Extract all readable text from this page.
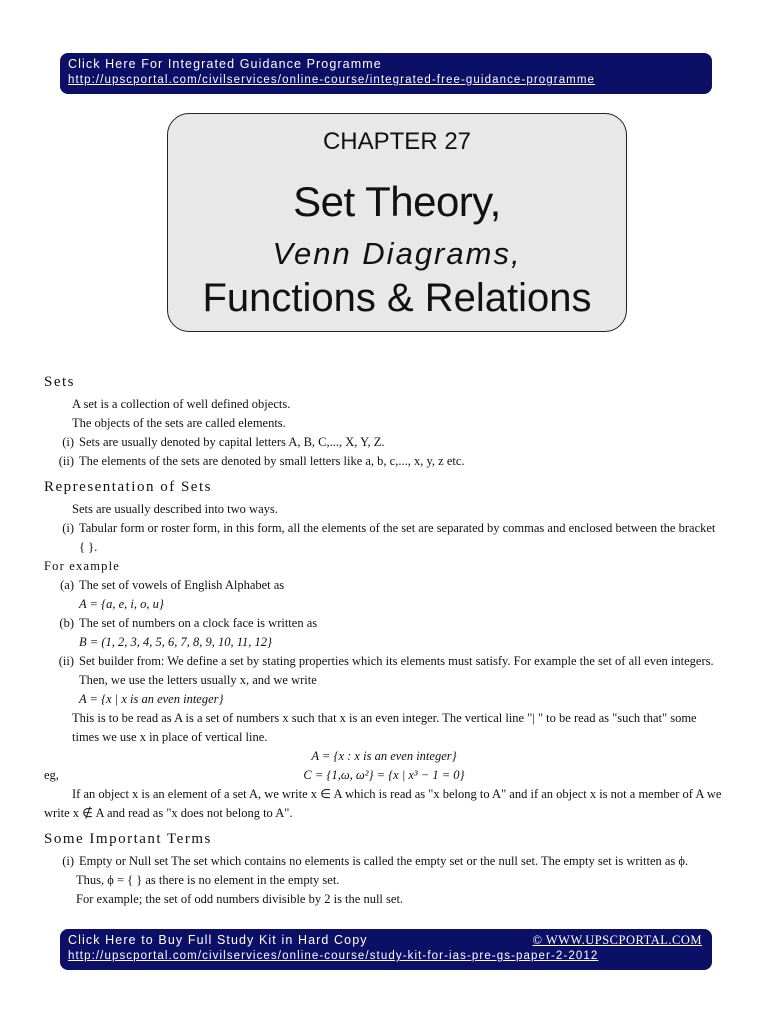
Click Here For Integrated Guidance Programme
http://upscportal.com/civilservices/online-course/integrated-free-guidance-programme
CHAPTER 27
Set Theory,
Venn Diagrams,
Functions & Relations
Sets

A set is a collection of well defined objects.

The objects of the sets are called elements.

(i) Sets are usually denoted by capital letters A, B, C,..., X, Y, Z.
(ii) The elements of the sets are denoted by small letters like a, b, c,..., x, y, z etc.
Representation of Sets

Sets are usually described into two ways.

(i) Tabular form or roster form, in this form, all the elements of the set are separated by commas and enclosed between the bracket { }.
For example
(a) The set of vowels of English Alphabet as
A = {a, e, i, o, u}
(b) The set of numbers on a clock face is written as
B = (1, 2, 3, 4, 5, 6, 7, 8, 9, 10, 11, 12}
(ii) Set builder from: We define a set by stating properties which its elements must satisfy. For example the set of all even integers. Then, we use the letters usually x, and we write
A = {x | x is an even integer}

This is to be read as A is a set of numbers x such that x is an even integer. The vertical line "| " to be read as "such that" some times we use x in place of vertical line.

A = {x : x is an even integer}
eg,	C = {1,ω, ω²} = {x | x³ − 1 = 0}

If an object x is an element of a set A, we write x ∈ A which is read as "x belong to A" and if an object x is not a member of A we write x ∉ A and read as "x does not belong to A".

Some Important Terms
(i) Empty or Null set The set which contains no elements is called the empty set or the null set. The empty set is written as ϕ.

Thus, ϕ = { } as there is no element in the empty set.

For example; the set of odd numbers divisible by 2 is the null set.

Click Here to Buy Full Study Kit in Hard Copy	© WWW.UPSCPORTAL.COM
http://upscportal.com/civilservices/online-course/study-kit-for-ias-pre-gs-paper-2-2012
